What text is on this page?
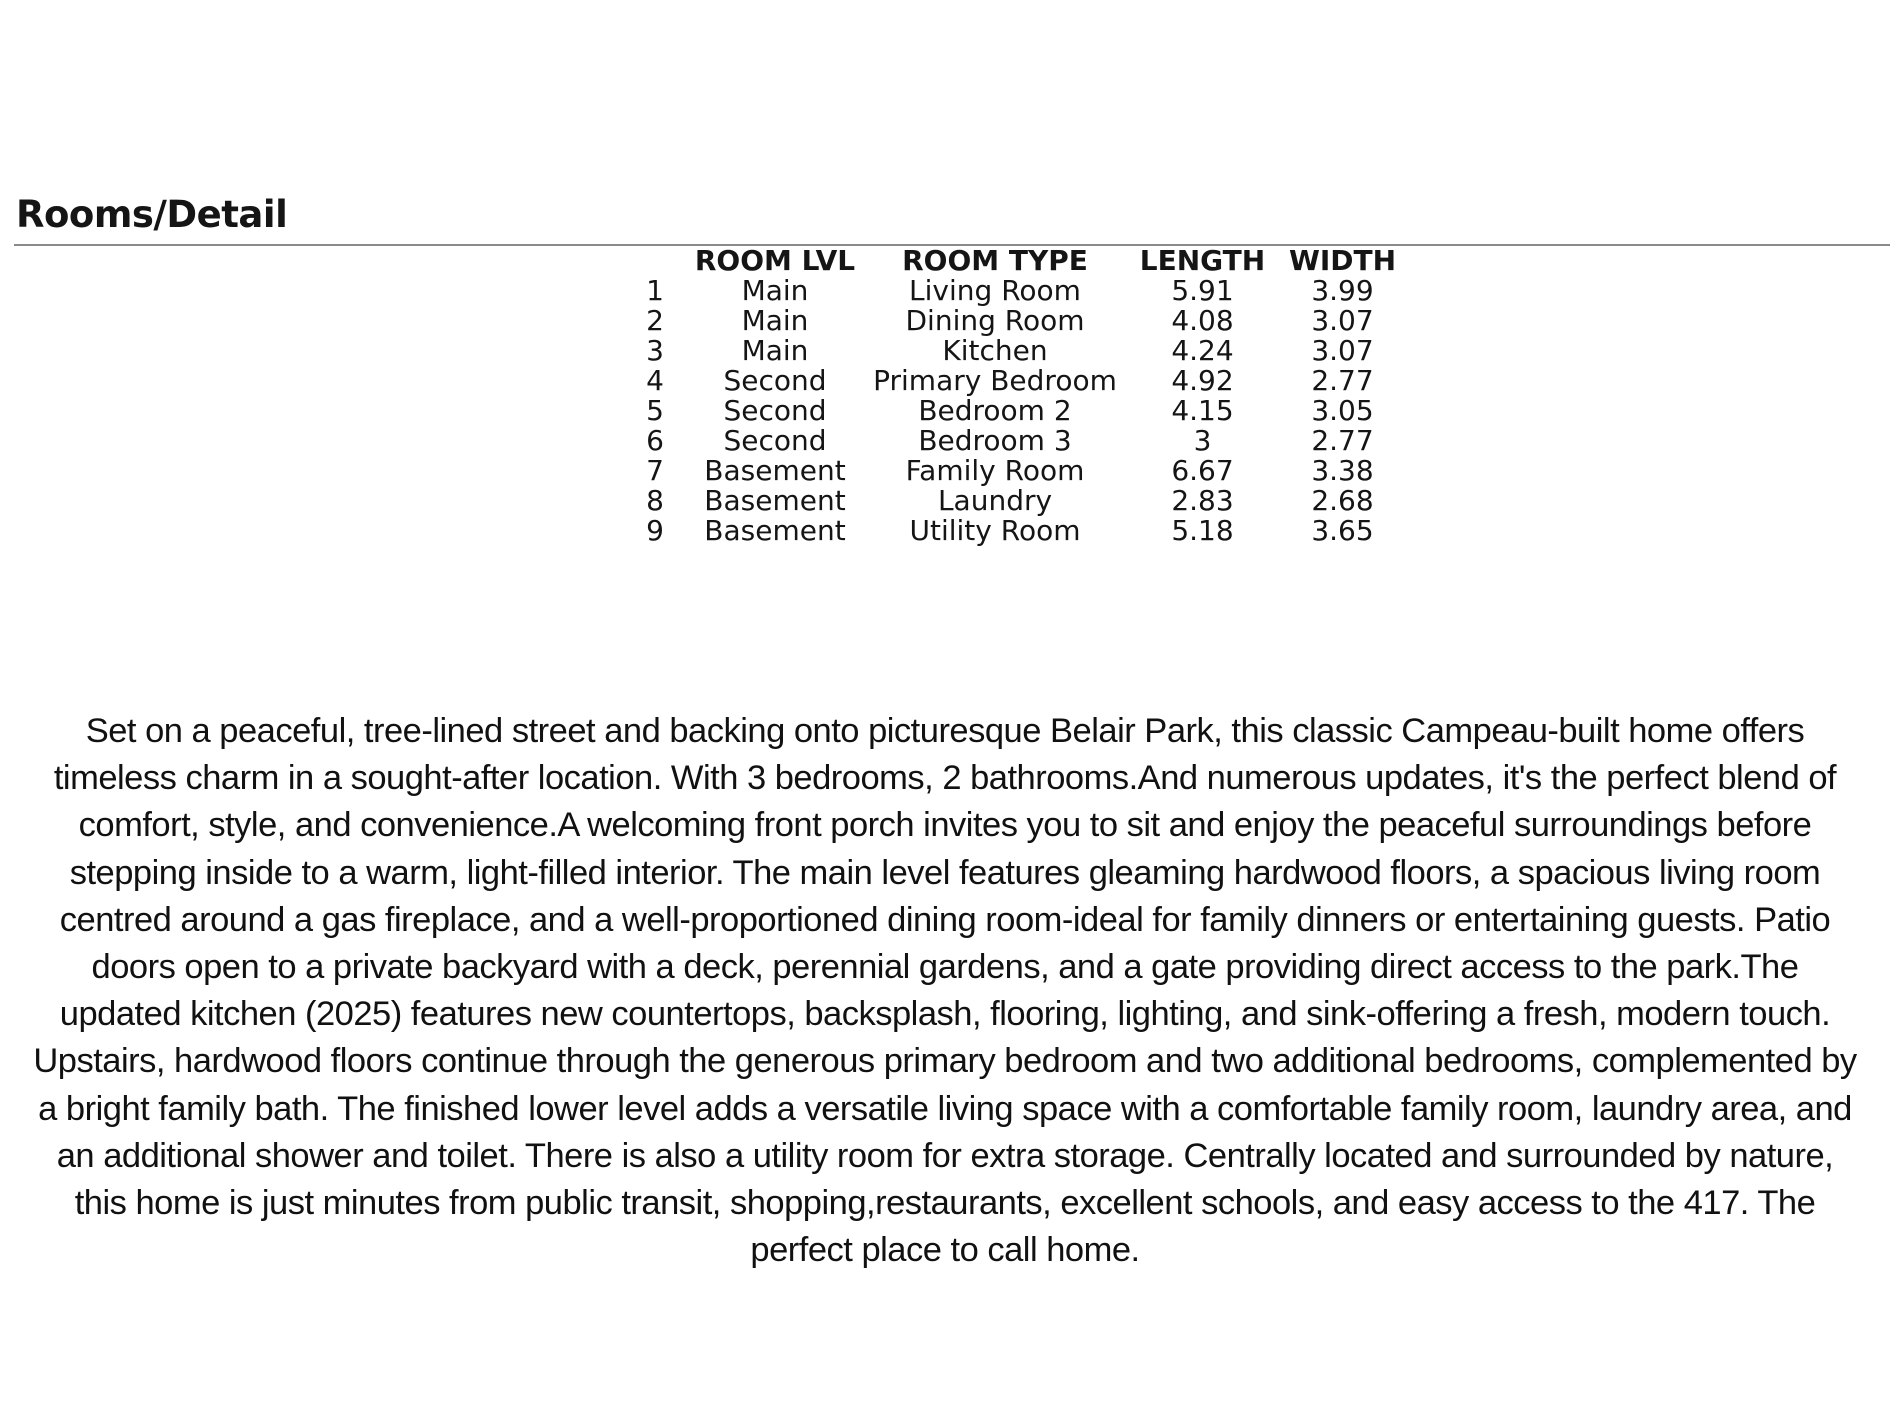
Rooms/Detail
	ROOM LVL	ROOM TYPE	LENGTH	WIDTH
1	Main	Living Room	5.91	3.99
2	Main	Dining Room	4.08	3.07
3	Main	Kitchen	4.24	3.07
4	Second	Primary Bedroom	4.92	2.77
5	Second	Bedroom 2	4.15	3.05
6	Second	Bedroom 3	3	2.77
7	Basement	Family Room	6.67	3.38
8	Basement	Laundry	2.83	2.68
9	Basement	Utility Room	5.18	3.65

Set on a peaceful, tree-lined street and backing onto picturesque Belair Park, this classic Campeau-built home offers timeless charm in a sought-after location. With 3 bedrooms, 2 bathrooms.And numerous updates, it's the perfect blend of comfort, style, and convenience.A welcoming front porch invites you to sit and enjoy the peaceful surroundings before stepping inside to a warm, light-filled interior. The main level features gleaming hardwood floors, a spacious living room centred around a gas fireplace, and a well-proportioned dining room-ideal for family dinners or entertaining guests. Patio doors open to a private backyard with a deck, perennial gardens, and a gate providing direct access to the park.The updated kitchen (2025) features new countertops, backsplash, flooring, lighting, and sink-offering a fresh, modern touch. Upstairs, hardwood floors continue through the generous primary bedroom and two additional bedrooms, complemented by a bright family bath. The finished lower level adds a versatile living space with a comfortable family room, laundry area, and an additional shower and toilet. There is also a utility room for extra storage. Centrally located and surrounded by nature, this home is just minutes from public transit, shopping,restaurants, excellent schools, and easy access to the 417. The perfect place to call home.
